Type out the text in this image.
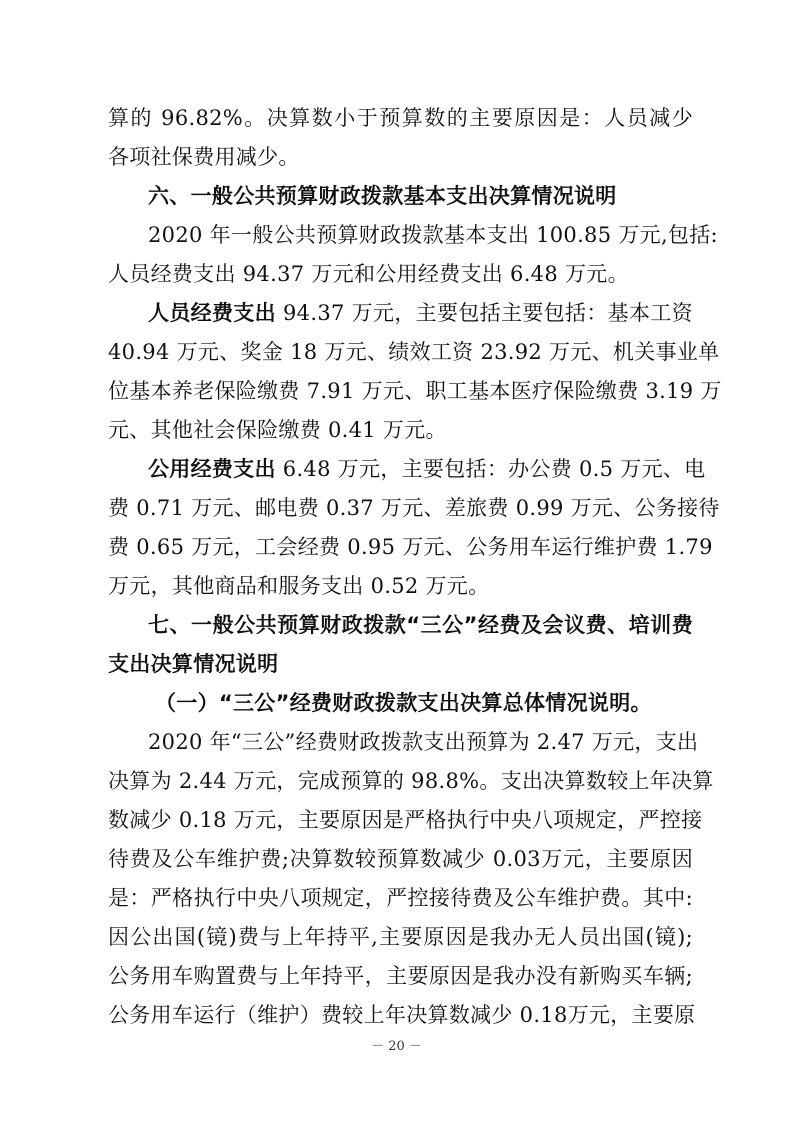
算的 96.82%。决算数小于预算数的主要原因是：人员减少
各项社保费用减少。
六、一般公共预算财政拨款基本支出决算情况说明
2020 年一般公共预算财政拨款基本支出 100.85 万元,包括:
人员经费支出 94.37 万元和公用经费支出 6.48 万元。
人员经费支出 94.37 万元，主要包括主要包括：基本工资
40.94 万元、奖金 18 万元、绩效工资 23.92 万元、机关事业单
位基本养老保险缴费 7.91 万元、职工基本医疗保险缴费 3.19 万
元、其他社会保险缴费 0.41 万元。
公用经费支出 6.48 万元，主要包括：办公费 0.5 万元、电
费 0.71 万元、邮电费 0.37 万元、差旅费 0.99 万元、公务接待
费 0.65 万元，工会经费 0.95 万元、公务用车运行维护费 1.79
万元，其他商品和服务支出 0.52 万元。
七、一般公共预算财政拨款“三公”经费及会议费、培训费
支出决算情况说明
（一）“三公”经费财政拨款支出决算总体情况说明。
2020 年“三公”经费财政拨款支出预算为 2.47 万元，支出
决算为 2.44 万元，完成预算的 98.8%。支出决算数较上年决算
数减少 0.18 万元，主要原因是严格执行中央八项规定，严控接
待费及公车维护费;决算数较预算数减少 0.03万元，主要原因
是：严格执行中央八项规定，严控接待费及公车维护费。其中:
因公出国(镜)费与上年持平,主要原因是我办无人员出国(镜);
公务用车购置费与上年持平，主要原因是我办没有新购买车辆;
公务用车运行（维护）费较上年决算数减少 0.18万元，主要原
－ 20 －
